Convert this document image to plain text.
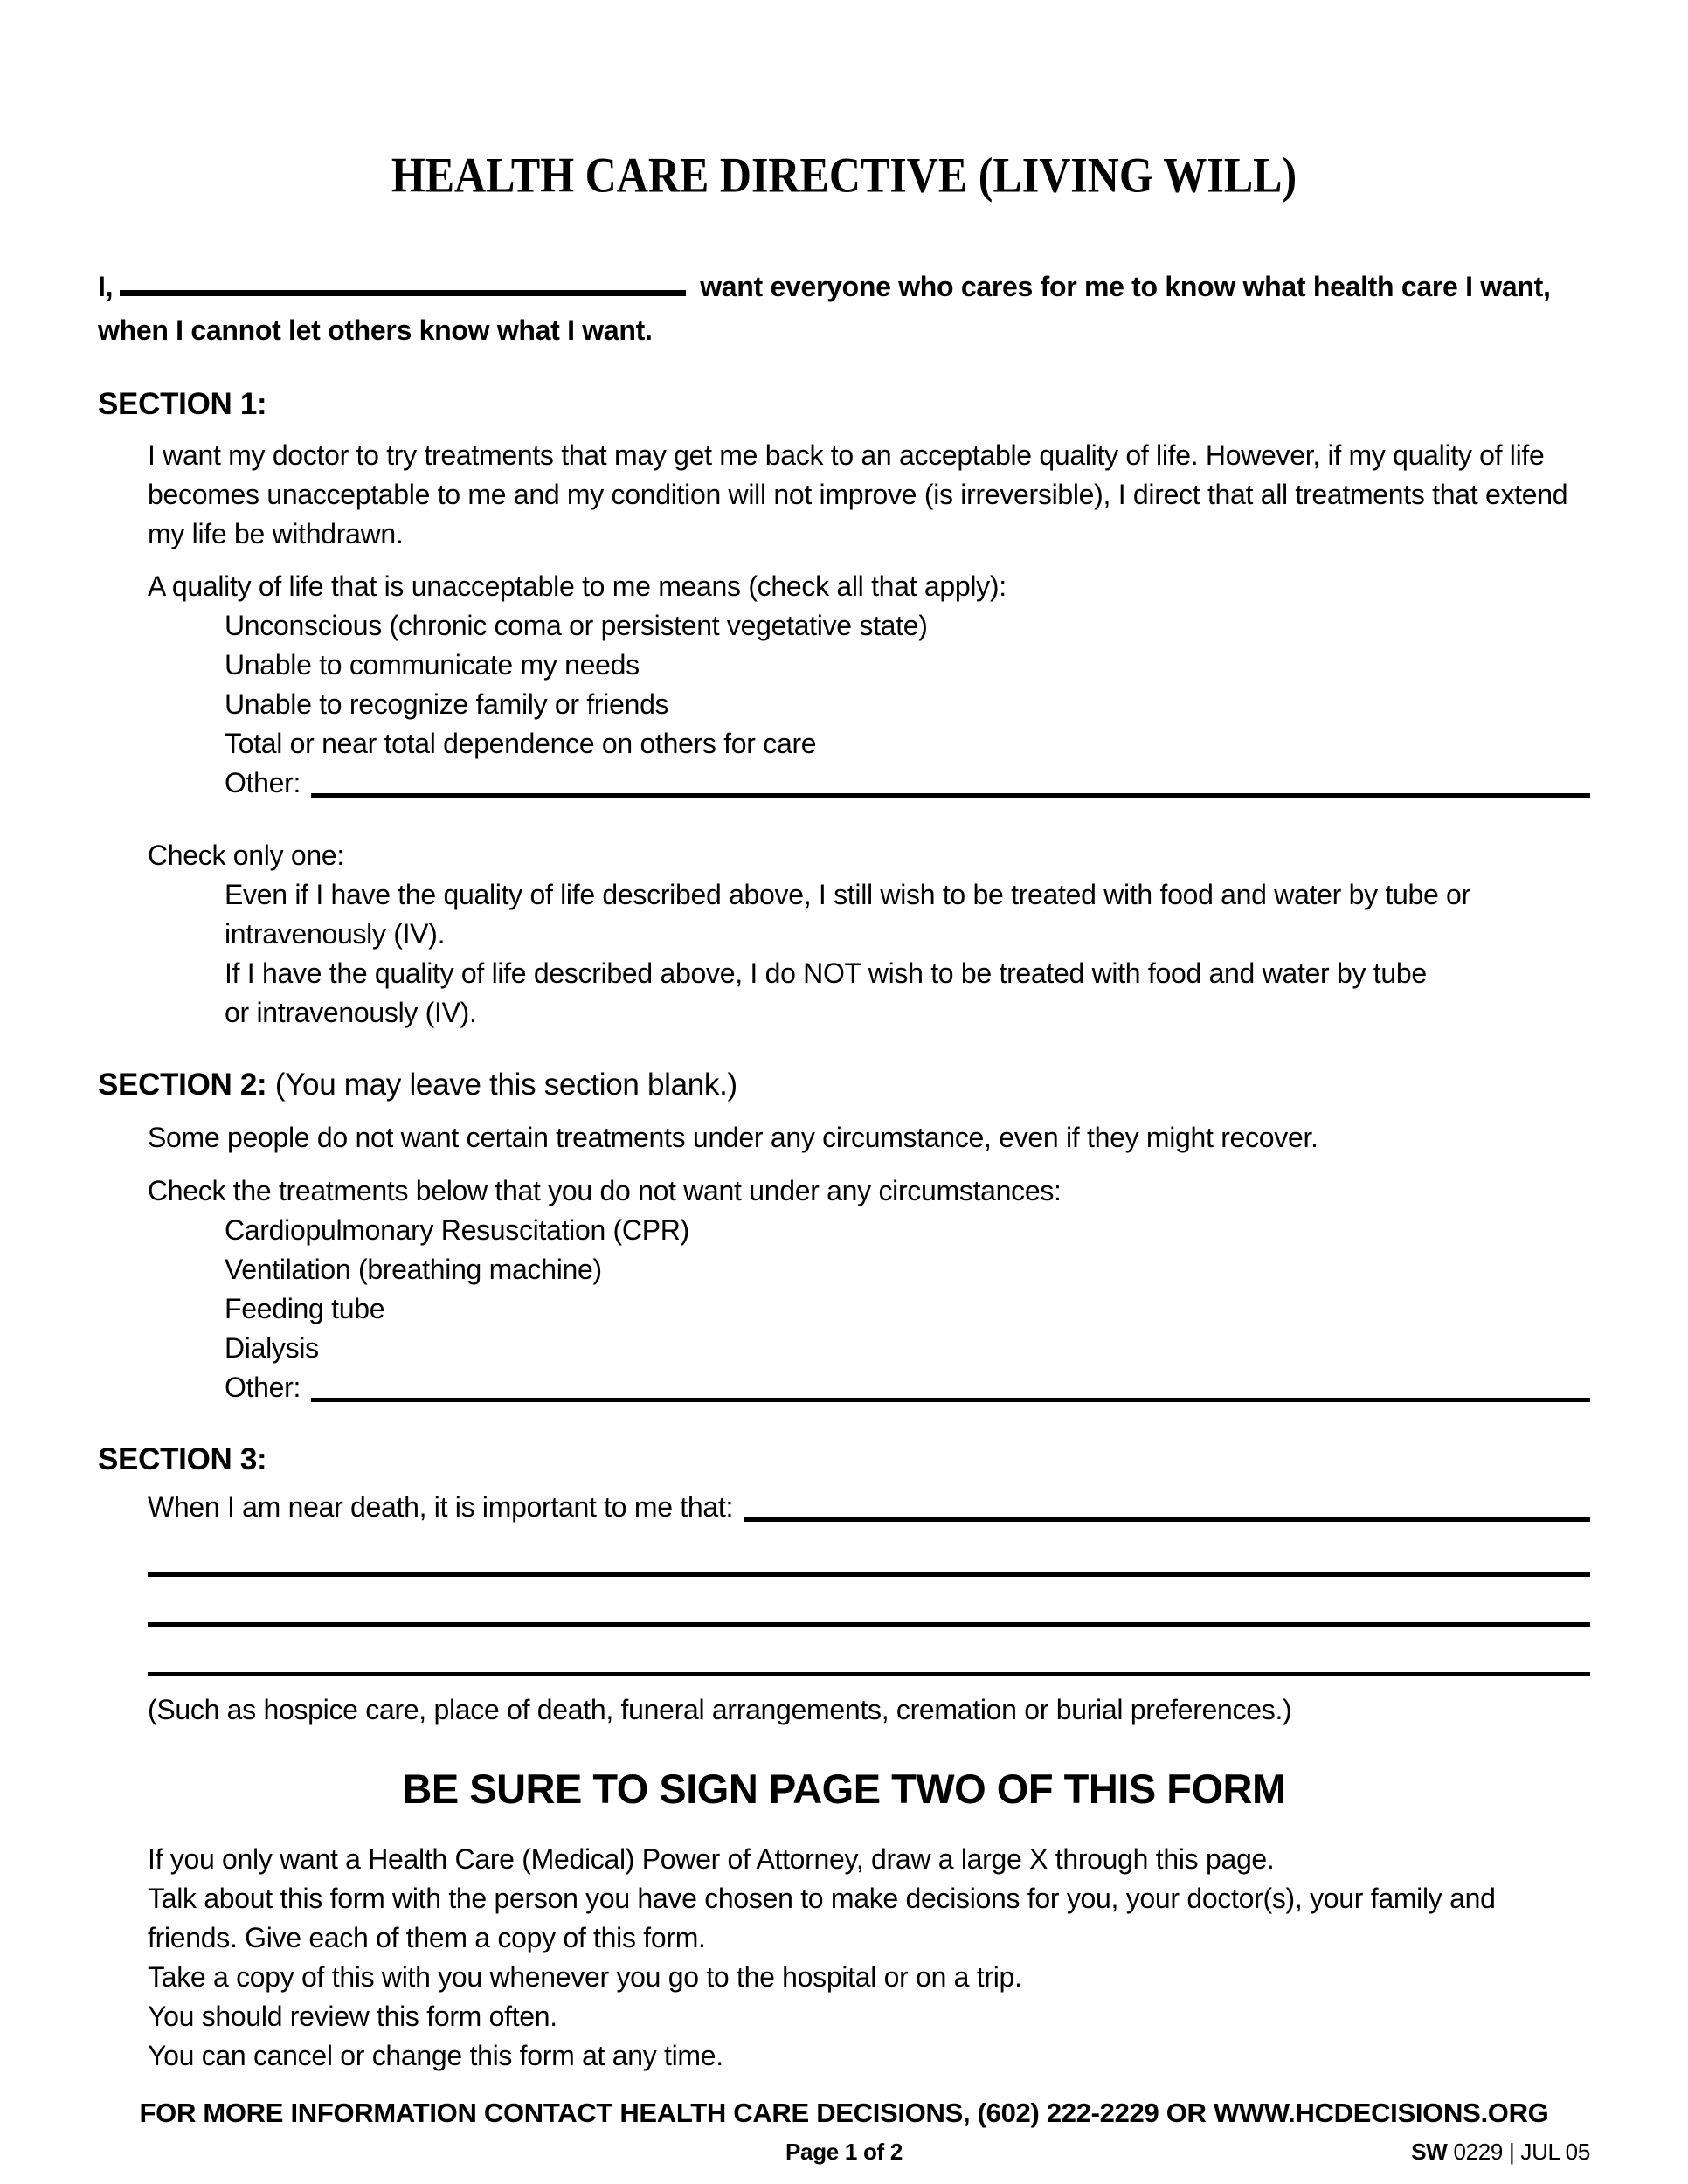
HEALTH CARE DIRECTIVE (LIVING WILL)
I,	want everyone who cares for me to know what health care I want,
when I cannot let others know what I want.
SECTION 1:
I want my doctor to try treatments that may get me back to an acceptable quality of life. However, if my quality of life
becomes unacceptable to me and my condition will not improve (is irreversible), I direct that all treatments that extend
my life be withdrawn.
A quality of life that is unacceptable to me means (check all that apply):
Unconscious (chronic coma or persistent vegetative state)
Unable to communicate my needs
Unable to recognize family or friends
Total or near total dependence on others for care
Other:
Check only one:
Even if I have the quality of life described above, I still wish to be treated with food and water by tube or
intravenously (IV).
If I have the quality of life described above, I do NOT wish to be treated with food and water by tube
or intravenously (IV).
SECTION 2: (You may leave this section blank.)
Some people do not want certain treatments under any circumstance, even if they might recover.
Check the treatments below that you do not want under any circumstances:
Cardiopulmonary Resuscitation (CPR)
Ventilation (breathing machine)
Feeding tube
Dialysis
Other:
SECTION 3:
When I am near death, it is important to me that:
(Such as hospice care, place of death, funeral arrangements, cremation or burial preferences.)
BE SURE TO SIGN PAGE TWO OF THIS FORM
If you only want a Health Care (Medical) Power of Attorney, draw a large X through this page.
Talk about this form with the person you have chosen to make decisions for you, your doctor(s), your family and
friends. Give each of them a copy of this form.
Take a copy of this with you whenever you go to the hospital or on a trip.
You should review this form often.
You can cancel or change this form at any time.
FOR MORE INFORMATION CONTACT HEALTH CARE DECISIONS, (602) 222-2229 OR WWW.HCDECISIONS.ORG
Page 1 of 2	SW 0229 | JUL 05
